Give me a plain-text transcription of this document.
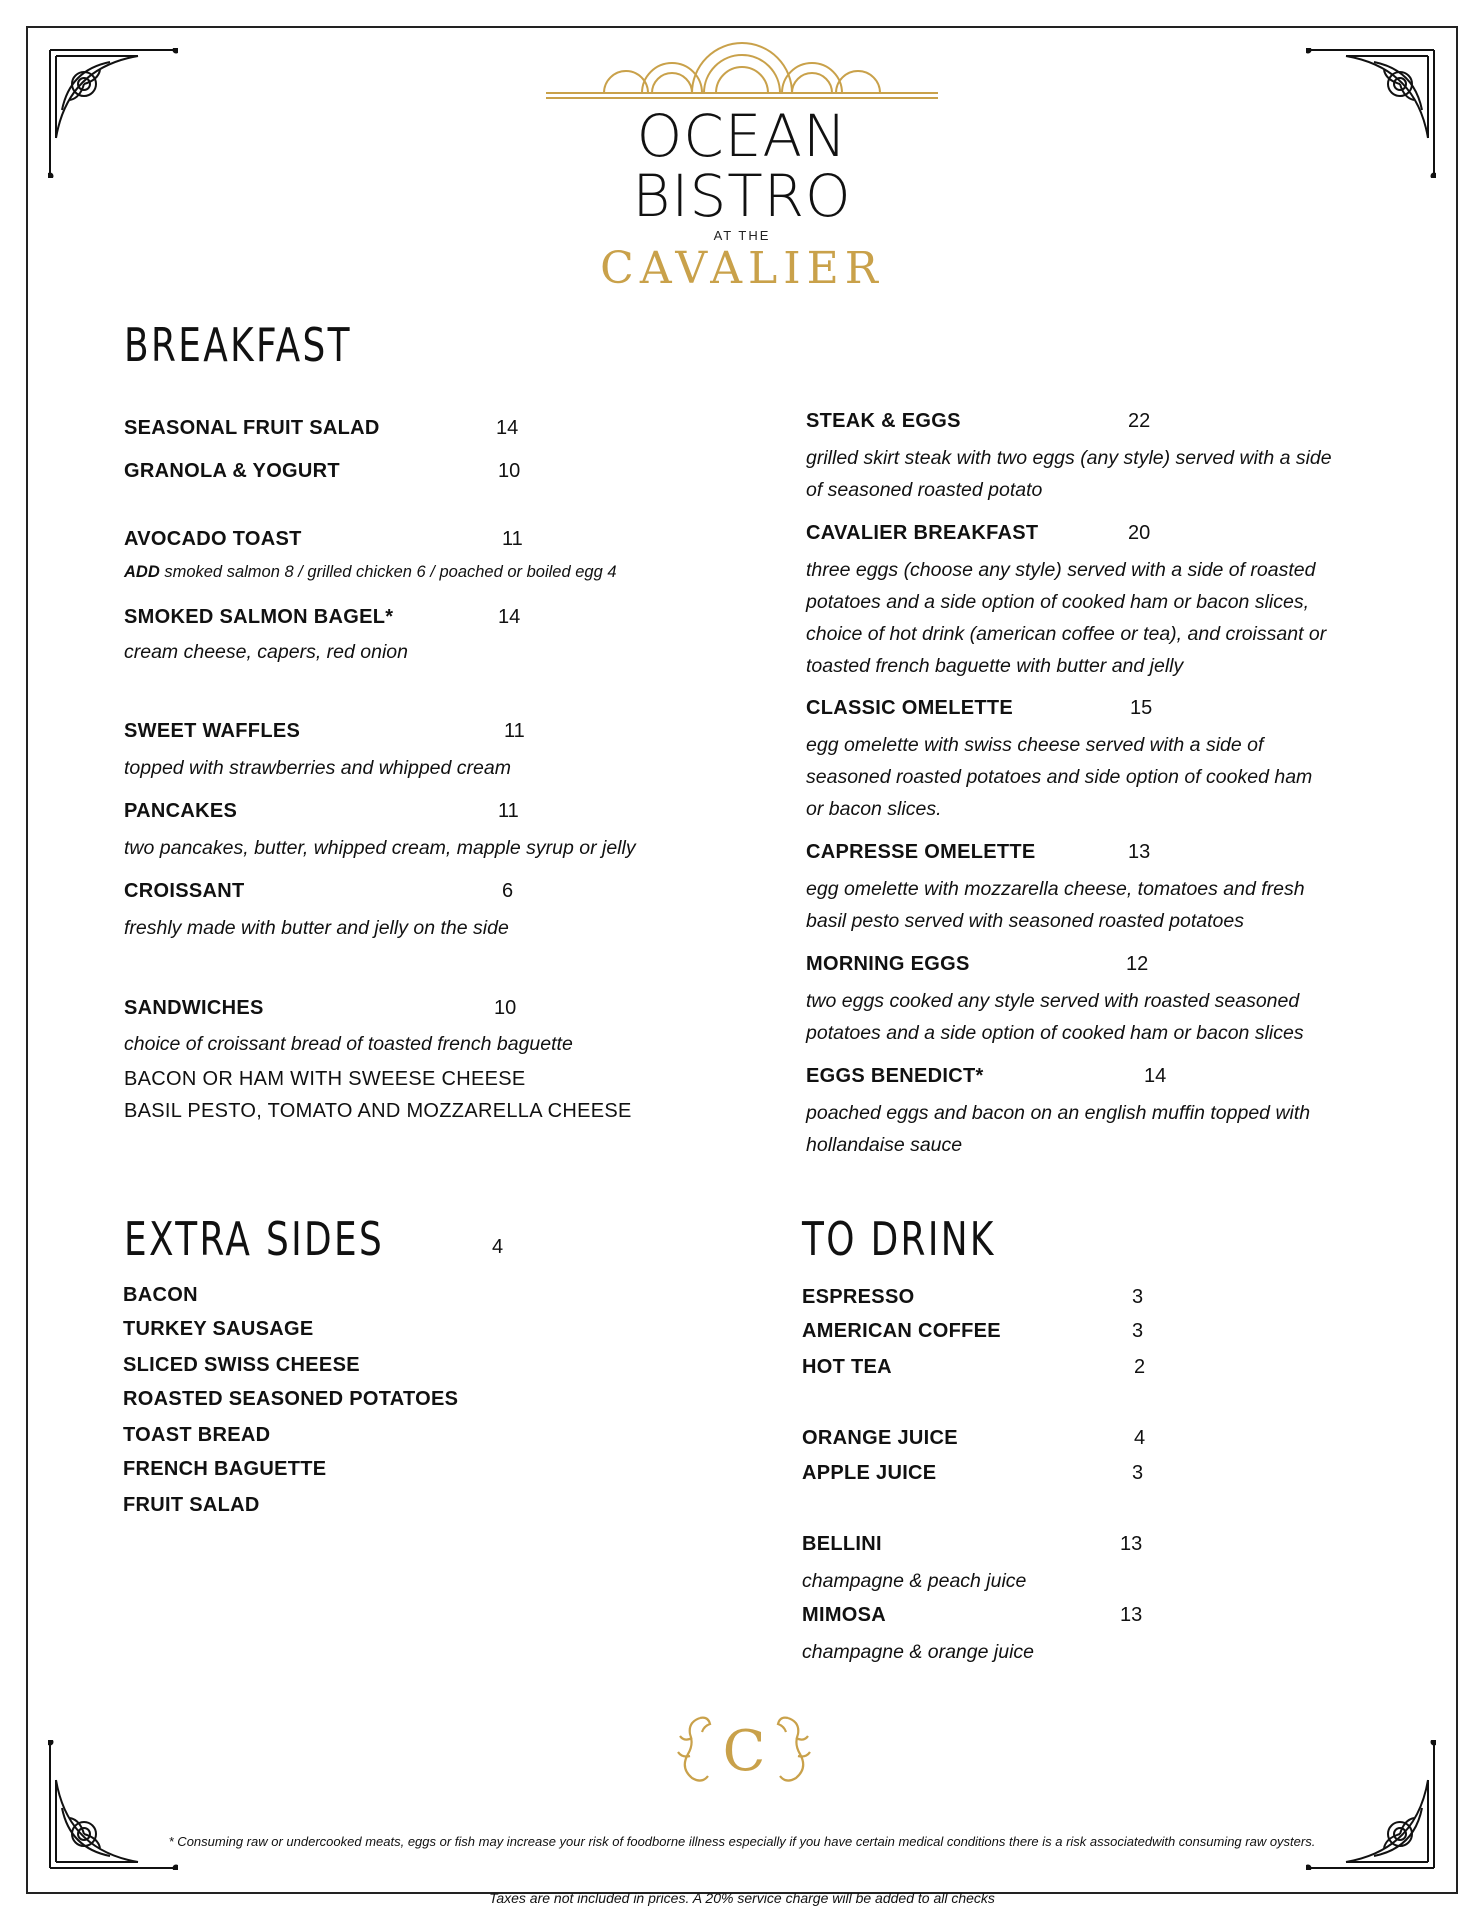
OCEAN BISTRO
AT THE
CAVALIER
BREAKFAST
SEASONAL FRUIT SALAD	14
GRANOLA & YOGURT	10
AVOCADO TOAST	11
ADD smoked salmon 8 / grilled chicken 6 / poached or boiled egg 4
SMOKED SALMON BAGEL*	14
cream cheese, capers, red onion
SWEET WAFFLES	11
topped with strawberries and whipped cream
PANCAKES	11
two pancakes, butter, whipped cream, mapple syrup or jelly
CROISSANT	6
freshly made with butter and jelly on the side
SANDWICHES	10
choice of croissant bread of toasted french baguette
BACON OR HAM WITH SWEESE CHEESE
BASIL PESTO, TOMATO AND MOZZARELLA CHEESE
STEAK & EGGS	22
grilled skirt steak with two eggs (any style) served with a side
of seasoned roasted potato
CAVALIER BREAKFAST	20
three eggs (choose any style) served with a side of roasted
potatoes and a side option of cooked ham or bacon slices,
choice of hot drink (american coffee or tea), and croissant or
toasted french baguette with butter and jelly
CLASSIC OMELETTE	15
egg omelette with swiss cheese served with a side of
seasoned roasted potatoes and side option of cooked ham
or bacon slices.
CAPRESSE OMELETTE	13
egg omelette with mozzarella cheese, tomatoes and fresh
basil pesto served with seasoned roasted potatoes
MORNING EGGS	12
two eggs cooked any style served with roasted seasoned
potatoes and a side option of cooked ham or bacon slices
EGGS BENEDICT*	14
poached eggs and bacon on an english muffin topped with
hollandaise sauce
EXTRA SIDES	4
BACON
TURKEY SAUSAGE
SLICED SWISS CHEESE
ROASTED SEASONED POTATOES
TOAST BREAD
FRENCH BAGUETTE
FRUIT SALAD
TO DRINK
ESPRESSO	3
AMERICAN COFFEE	3
HOT TEA	2
ORANGE JUICE	4
APPLE JUICE	3
BELLINI	13
champagne & peach juice
MIMOSA	13
champagne & orange juice
C
* Consuming raw or undercooked meats, eggs or fish may increase your risk of foodborne illness especially if you have certain medical conditions there is a risk associatedwith consuming raw oysters.
Taxes are not included in prices. A 20% service charge will be added to all checks
